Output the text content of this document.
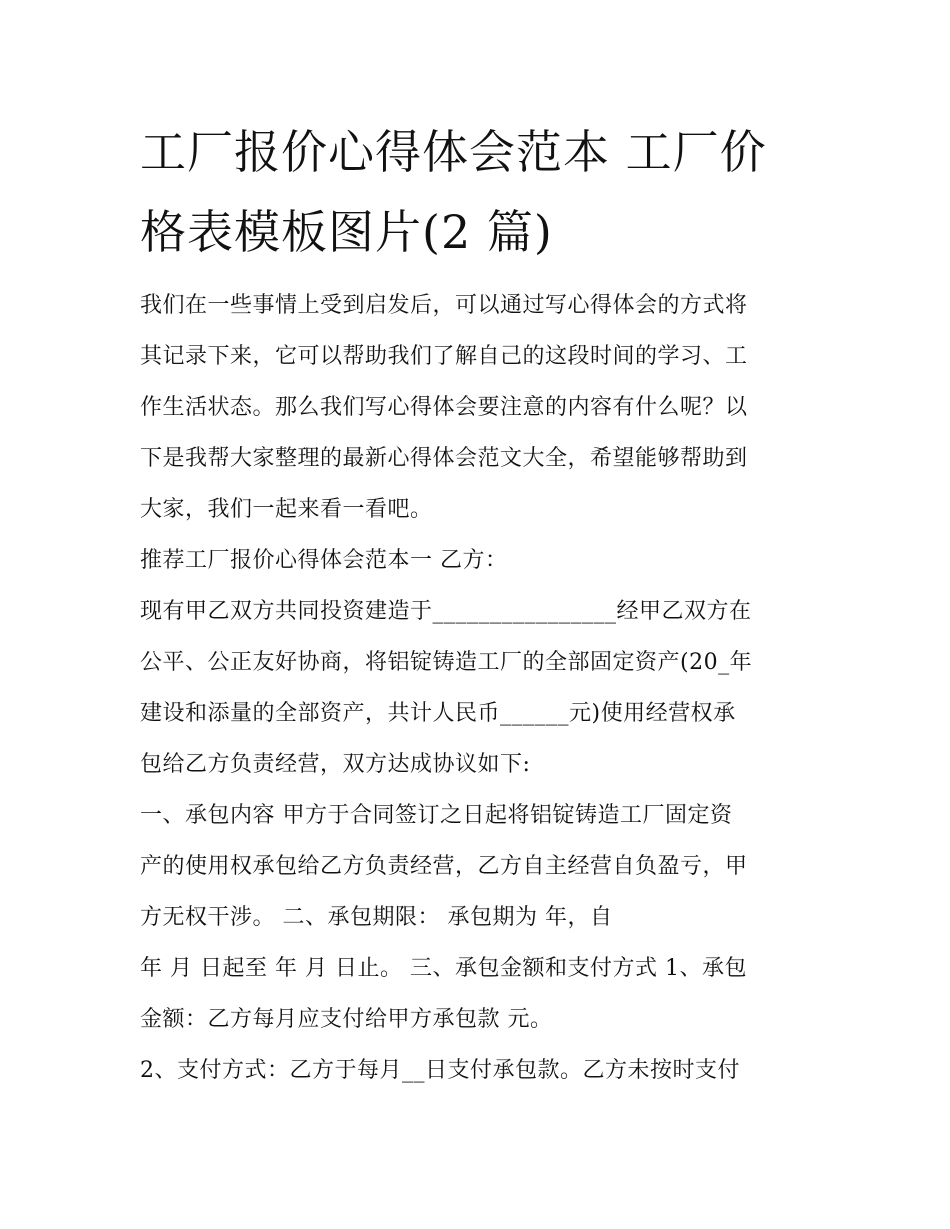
工厂报价心得体会范本 工厂价
格表模板图片(2 篇)
我们在一些事情上受到启发后，可以通过写心得体会的方式将
其记录下来，它可以帮助我们了解自己的这段时间的学习、工
作生活状态。那么我们写心得体会要注意的内容有什么呢？以
下是我帮大家整理的最新心得体会范文大全，希望能够帮助到
大家，我们一起来看一看吧。
推荐工厂报价心得体会范本一 乙方：
现有甲乙双方共同投资建造于________________经甲乙双方在
公平、公正友好协商，将铝锭铸造工厂的全部固定资产(20_年
建设和添量的全部资产，共计人民币______元)使用经营权承
包给乙方负责经营，双方达成协议如下:
一、承包内容 甲方于合同签订之日起将铝锭铸造工厂固定资
产的使用权承包给乙方负责经营，乙方自主经营自负盈亏，甲
方无权干涉。 二、承包期限： 承包期为 年，自
年 月 日起至 年 月 日止。 三、承包金额和支付方式 1、承包
金额：乙方每月应支付给甲方承包款 元。
2、支付方式：乙方于每月__日支付承包款。乙方未按时支付
